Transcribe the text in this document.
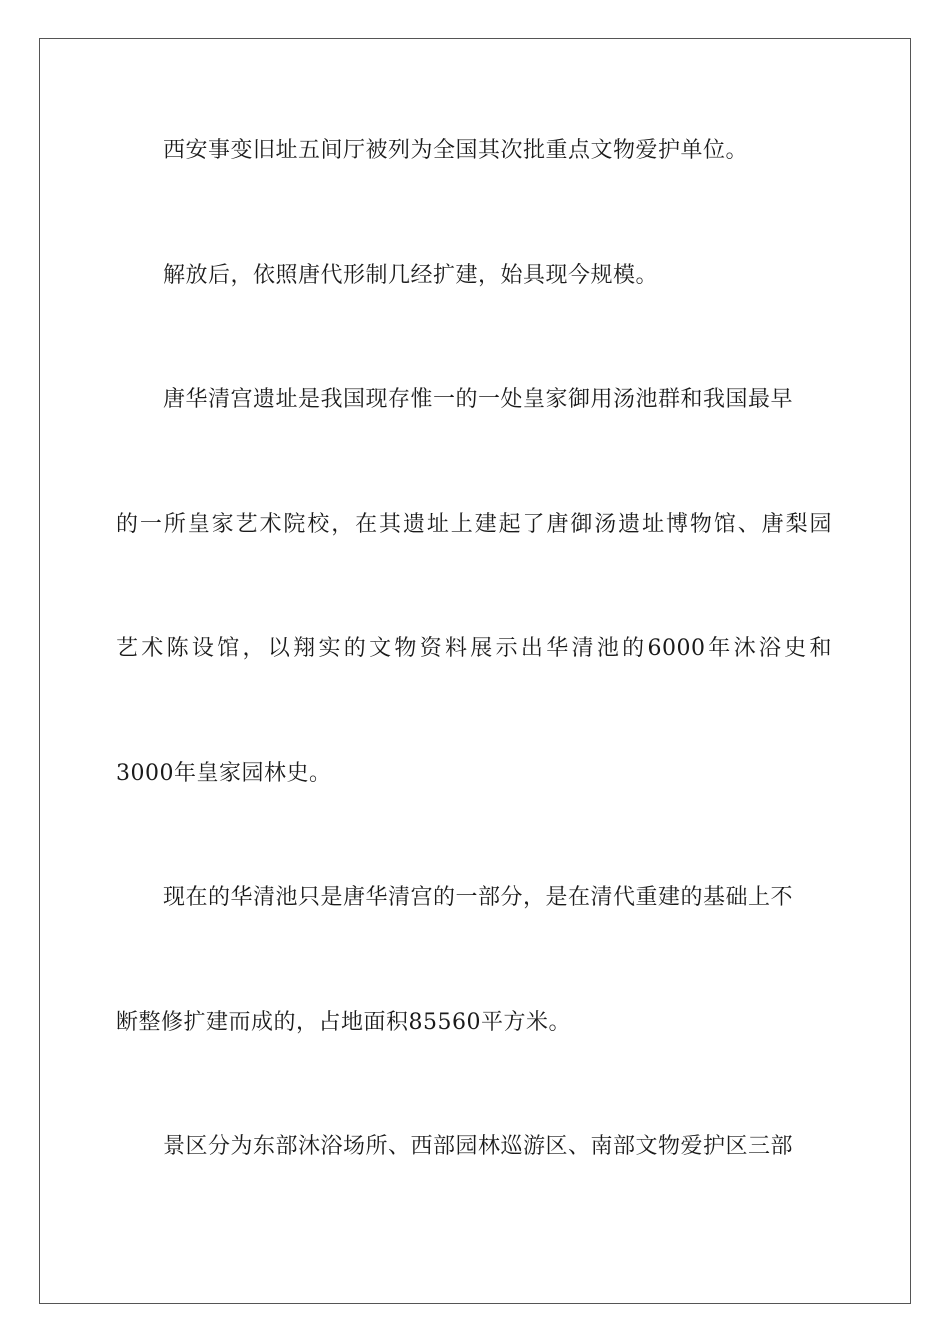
西安事变旧址五间厅被列为全国其次批重点文物爱护单位。
解放后，依照唐代形制几经扩建，始具现今规模。
唐华清宫遗址是我国现存惟一的一处皇家御用汤池群和我国最早
的一所皇家艺术院校，在其遗址上建起了唐御汤遗址博物馆、唐梨园
艺术陈设馆，以翔实的文物资料展示出华清池的6000年沐浴史和
3000年皇家园林史。
现在的华清池只是唐华清宫的一部分，是在清代重建的基础上不
断整修扩建而成的，占地面积85560平方米。
景区分为东部沐浴场所、西部园林巡游区、南部文物爱护区三部
